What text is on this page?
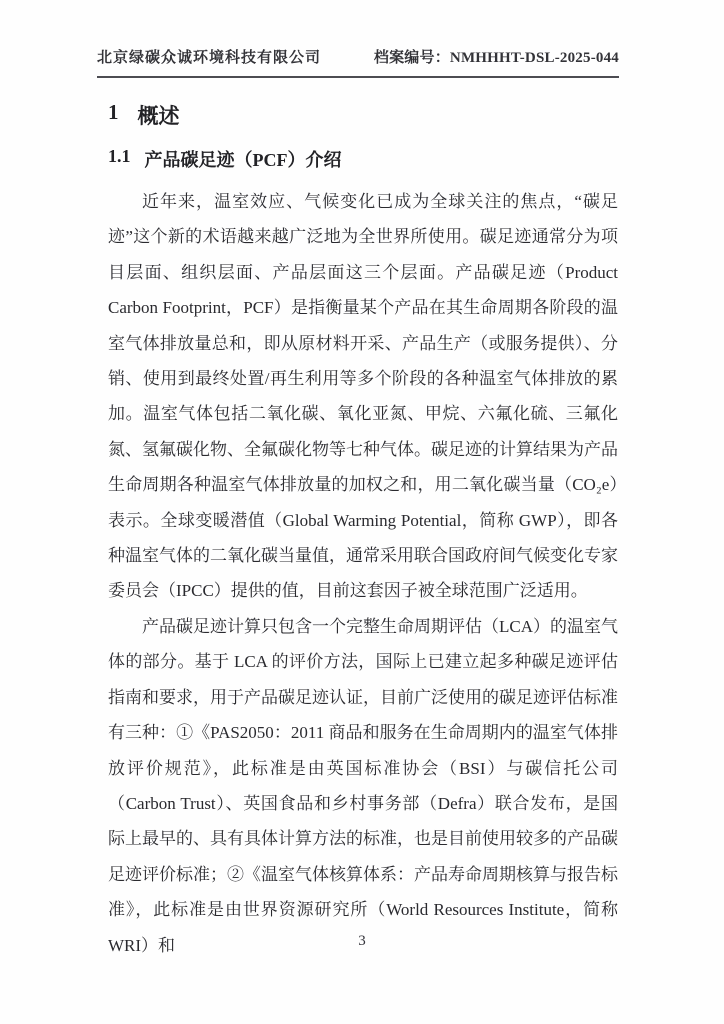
北京绿碳众诚环境科技有限公司	档案编号：NMHHHT-DSL-2025-044
1 概述
1.1 产品碳足迹（PCF）介绍

近年来，温室效应、气候变化已成为全球关注的焦点，“碳足迹”这个新的术语越来越广泛地为全世界所使用。碳足迹通常分为项目层面、组织层面、产品层面这三个层面。产品碳足迹（Product Carbon Footprint，PCF）是指衡量某个产品在其生命周期各阶段的温室气体排放量总和，即从原材料开采、产品生产（或服务提供）、分销、使用到最终处置/再生利用等多个阶段的各种温室气体排放的累加。温室气体包括二氧化碳、氧化亚氮、甲烷、六氟化硫、三氟化氮、氢氟碳化物、全氟碳化物等七种气体。碳足迹的计算结果为产品生命周期各种温室气体排放量的加权之和，用二氧化碳当量（CO₂e）表示。全球变暖潜值（Global Warming Potential，简称 GWP），即各种温室气体的二氧化碳当量值，通常采用联合国政府间气候变化专家委员会（IPCC）提供的值，目前这套因子被全球范围广泛适用。

产品碳足迹计算只包含一个完整生命周期评估（LCA）的温室气体的部分。基于 LCA 的评价方法，国际上已建立起多种碳足迹评估指南和要求，用于产品碳足迹认证，目前广泛使用的碳足迹评估标准有三种：①《PAS2050：2011 商品和服务在生命周期内的温室气体排放评价规范》，此标准是由英国标准协会（BSI）与碳信托公司（Carbon Trust）、英国食品和乡村事务部（Defra）联合发布，是国际上最早的、具有具体计算方法的标准，也是目前使用较多的产品碳足迹评价标准；②《温室气体核算体系：产品寿命周期核算与报告标准》，此标准是由世界资源研究所（World Resources Institute，简称 WRI）和	3
